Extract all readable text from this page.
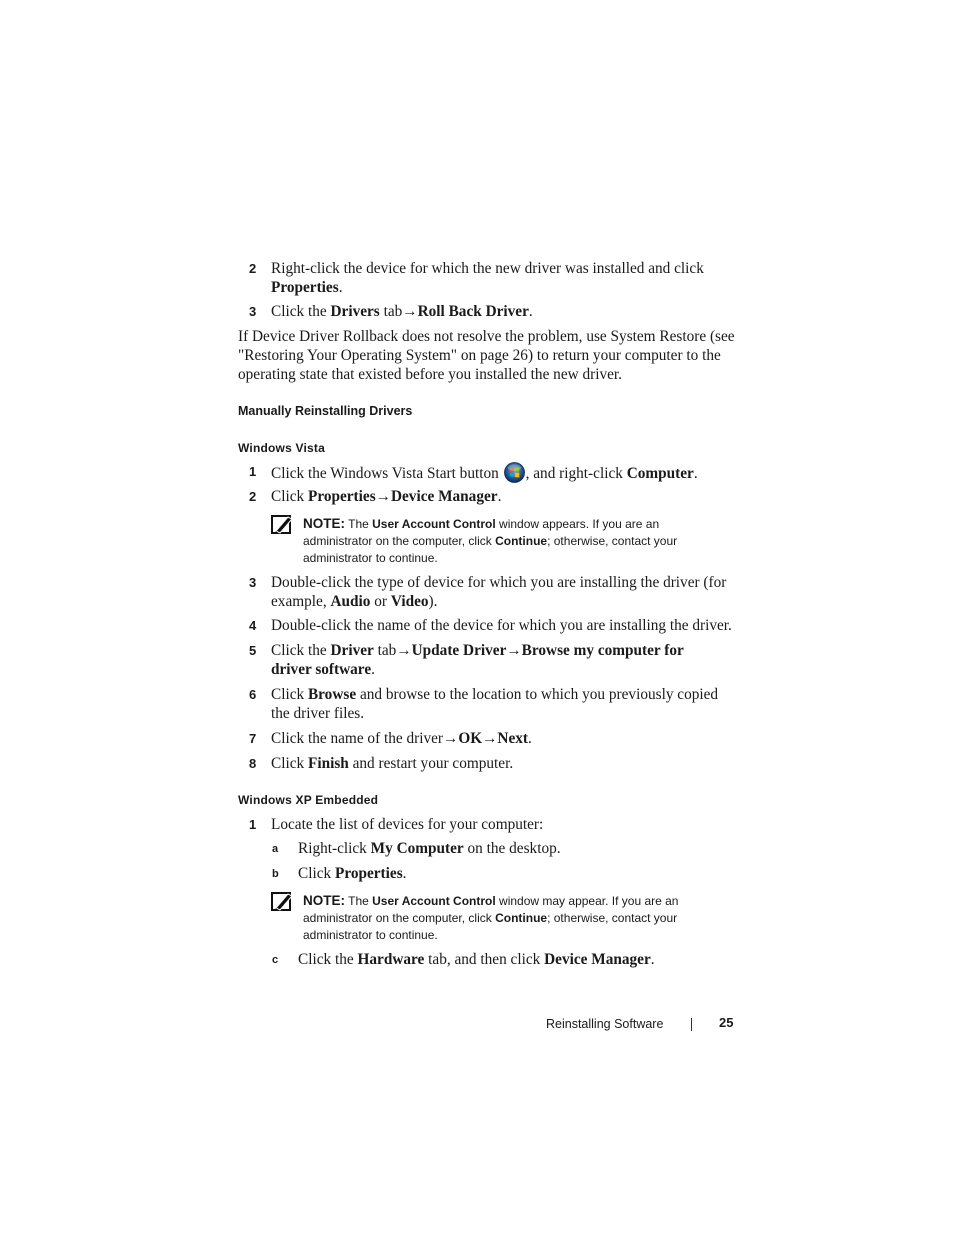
2 Right-click the device for which the new driver was installed and click Properties.
3 Click the Drivers tab→Roll Back Driver.
If Device Driver Rollback does not resolve the problem, use System Restore (see "Restoring Your Operating System" on page 26) to return your computer to the operating state that existed before you installed the new driver.
Manually Reinstalling Drivers
Windows Vista
1 Click the Windows Vista Start button , and right-click Computer.
2 Click Properties→Device Manager.
NOTE: The User Account Control window appears. If you are an administrator on the computer, click Continue; otherwise, contact your administrator to continue.
3 Double-click the type of device for which you are installing the driver (for example, Audio or Video).
4 Double-click the name of the device for which you are installing the driver.
5 Click the Driver tab→Update Driver→Browse my computer for driver software.
6 Click Browse and browse to the location to which you previously copied the driver files.
7 Click the name of the driver→OK→Next.
8 Click Finish and restart your computer.
Windows XP Embedded
1 Locate the list of devices for your computer:
a Right-click My Computer on the desktop.
b Click Properties.
NOTE: The User Account Control window may appear. If you are an administrator on the computer, click Continue; otherwise, contact your administrator to continue.
c Click the Hardware tab, and then click Device Manager.
Reinstalling Software	25
